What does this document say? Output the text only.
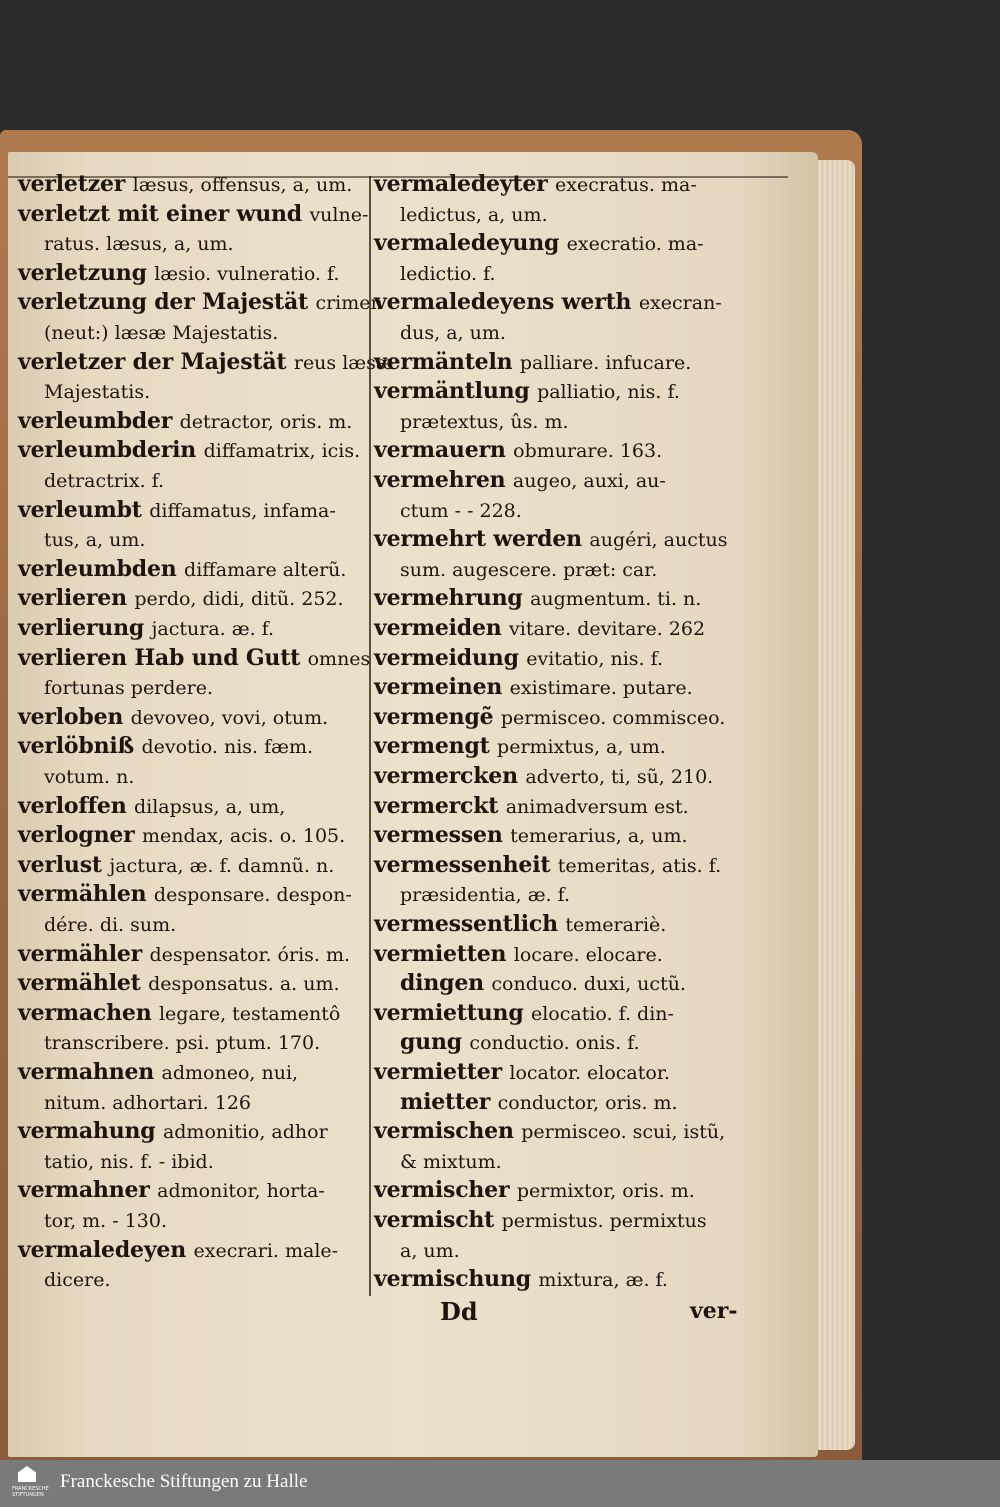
verletzer læsus, offensus, a, um.
verletzt mit einer wund vulne-
ratus. læsus, a, um.
verletzung læsio. vulneratio. f.
verletzung der Majestät crimen
(neut:) læsæ Majestatis.
verletzer der Majestät reus læsæ
Majestatis.
verleumbder detractor, oris. m.
verleumbderin diffamatrix, icis.
detractrix. f.
verleumbt diffamatus, infama-
tus, a, um.
verleumbden diffamare alterũ.
verlieren perdo, didi, ditũ. 252.
verlierung jactura. æ. f.
verlieren Hab und Gutt omnes
fortunas perdere.
verloben devoveo, vovi, otum.
verlöbniß devotio. nis. fæm.
votum. n.
verloffen dilapsus, a, um,
verlogner mendax, acis. o. 105.
verlust jactura, æ. f. damnũ. n.
vermählen desponsare. despon-
dére. di. sum.
vermähler despensator. óris. m.
vermählet desponsatus. a. um.
vermachen legare, testamentô
transcribere. psi. ptum. 170.
vermahnen admoneo, nui,
nitum. adhortari. 126
vermahung admonitio, adhor
tatio, nis. f. - ibid.
vermahner admonitor, horta-
tor, m. - 130.
vermaledeyen execrari. male-
dicere.
vermaledeyter execratus. ma-
ledictus, a, um.
vermaledeyung execratio. ma-
ledictio. f.
vermaledeyens werth execran-
dus, a, um.
vermänteln palliare. infucare.
vermäntlung palliatio, nis. f.
prætextus, ûs. m.
vermauern obmurare. 163.
vermehren augeo, auxi, au-
ctum - - 228.
vermehrt werden augéri, auctus
sum. augescere. præt: car.
vermehrung augmentum. ti. n.
vermeiden vitare. devitare. 262
vermeidung evitatio, nis. f.
vermeinen existimare. putare.
vermengẽ permisceo. commisceo.
vermengt permixtus, a, um.
vermercken adverto, ti, sũ, 210.
vermerckt animadversum est.
vermessen temerarius, a, um.
vermessenheit temeritas, atis. f.
præsidentia, æ. f.
vermessentlich temerariè.
vermietten locare. elocare.
dingen conduco. duxi, uctũ.
vermiettung elocatio. f. din-
gung conductio. onis. f.
vermietter locator. elocator.
mietter conductor, oris. m.
vermischen permisceo. scui, istũ,
& mixtum.
vermischer permixtor, oris. m.
vermischt permistus. permixtus
a, um.
vermischung mixtura, æ. f.
Dd	ver-
FRANCKESCHE STIFTUNGEN
Franckesche Stiftungen zu Halle
